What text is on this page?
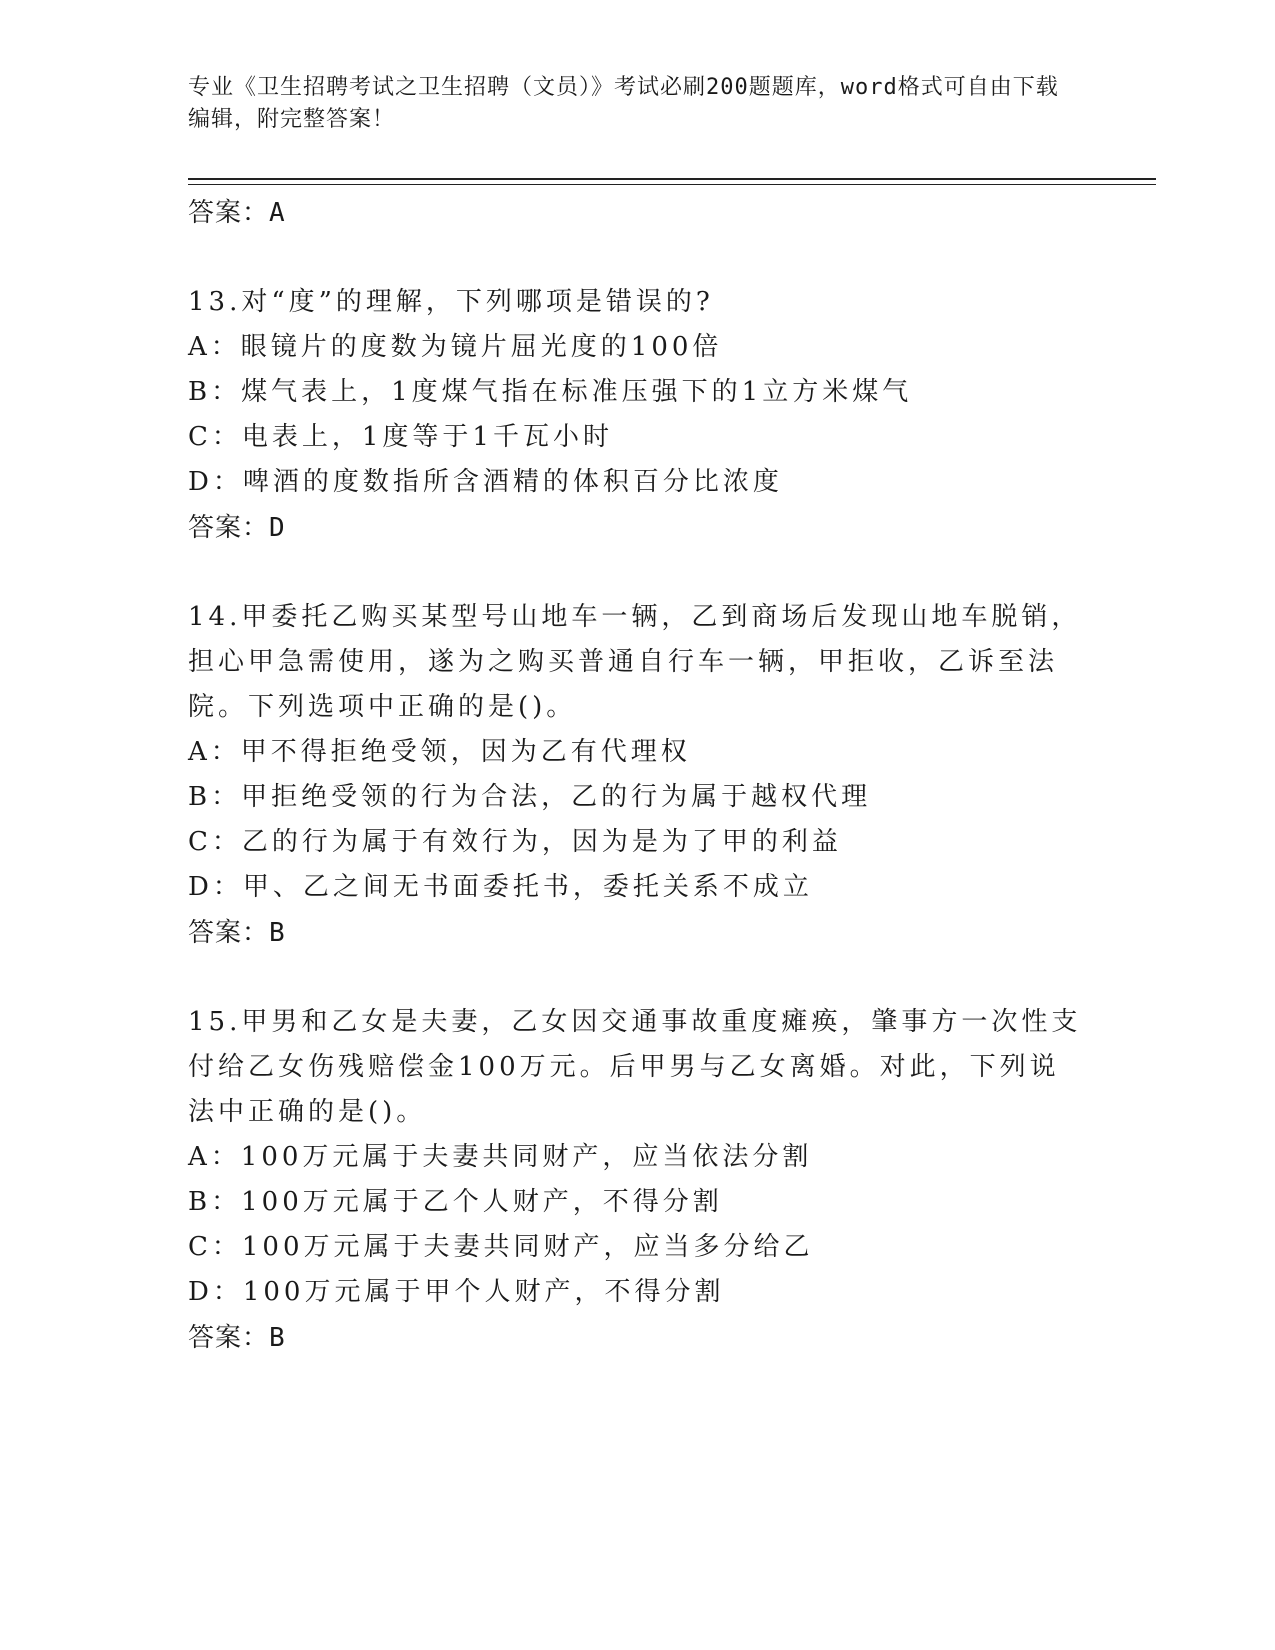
专业《卫生招聘考试之卫生招聘（文员）》考试必刷200题题库，word格式可自由下载编辑，附完整答案！
答案：A

13.对“度”的理解，下列哪项是错误的?

A：眼镜片的度数为镜片屈光度的100倍
B：煤气表上，1度煤气指在标准压强下的1立方米煤气
C：电表上，1度等于1千瓦小时
D：啤酒的度数指所含酒精的体积百分比浓度
答案：D

14.甲委托乙购买某型号山地车一辆，乙到商场后发现山地车脱销，担心甲急需使用，遂为之购买普通自行车一辆，甲拒收，乙诉至法院。下列选项中正确的是()。

A：甲不得拒绝受领，因为乙有代理权
B：甲拒绝受领的行为合法，乙的行为属于越权代理
C：乙的行为属于有效行为，因为是为了甲的利益
D：甲、乙之间无书面委托书，委托关系不成立
答案：B

15.甲男和乙女是夫妻，乙女因交通事故重度瘫痪，肇事方一次性支付给乙女伤残赔偿金100万元。后甲男与乙女离婚。对此，下列说法中正确的是()。

A：100万元属于夫妻共同财产，应当依法分割
B：100万元属于乙个人财产，不得分割
C：100万元属于夫妻共同财产，应当多分给乙
D：100万元属于甲个人财产，不得分割
答案：B
